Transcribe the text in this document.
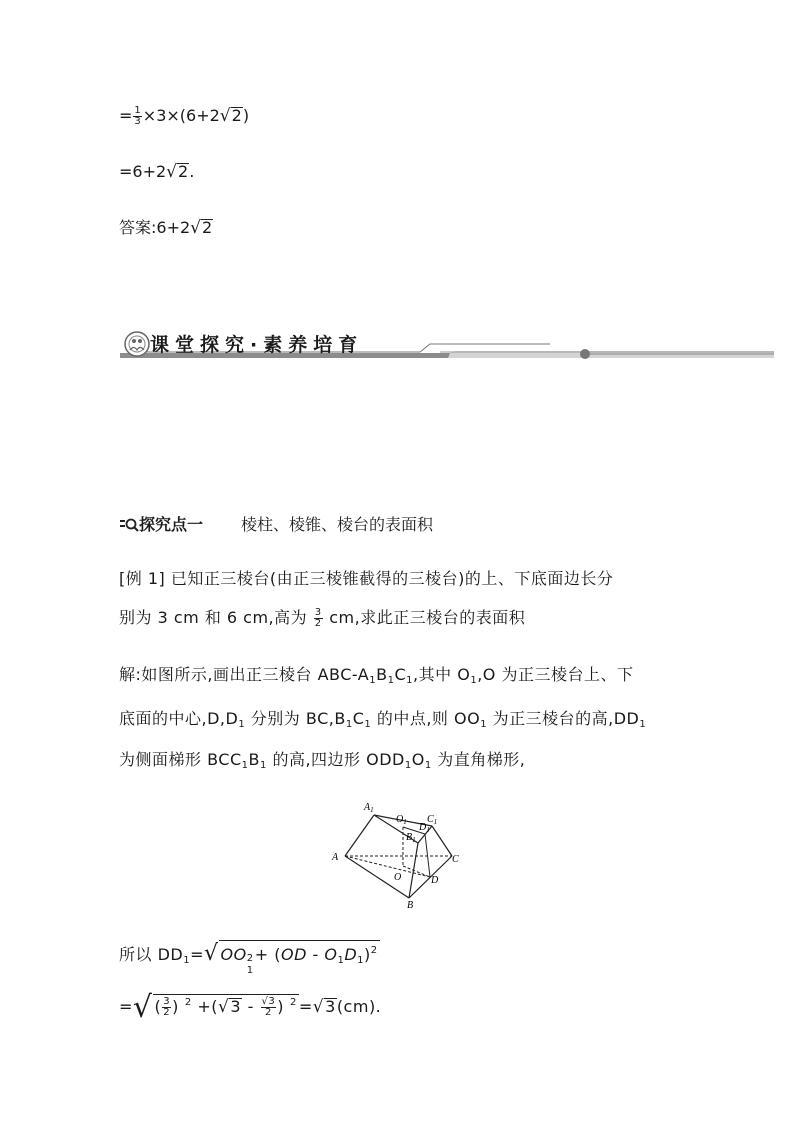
= $\frac{1}{3} \times 3\times(6+2√2)$
=6+2√2.
答案:6+2√2
课堂探究·素养培育
探究点一 棱柱、棱锥、棱台的表面积
[例 1] 已知正三棱台(由正三棱锥截得的三棱台)的上、下底面边长分
别为 3 cm 和 6 cm,高为 $\frac{3}{2}$ cm,求此正三棱台的表面积
解:如图所示,画出正三棱台 ABC-$A_1B_1C_1$,其中 $O_1,O$ 为正三棱台上、下
底面的中心$,D,D_1$ 分别为 $BC,B_1C_1$ 的中点,则 $OO_1$ 为正三棱台的高$,DD_1$
为侧面梯形 $BCC_1B_1$ 的高,四边形 $ODD_1O_1$ 为直角梯形,
$A_1$
$O_1$ $C_1$
$D_1$
$B_1$
A	C
O	D
B
所以 $DD_1=√$ OO 2
1
+ $(OD - O_1D_1)^2$
=√ ( $\frac{3}{2}$ ) $^2 +(√3 - \frac{√3}{2}$ ) $^2$ =√3(cm).
